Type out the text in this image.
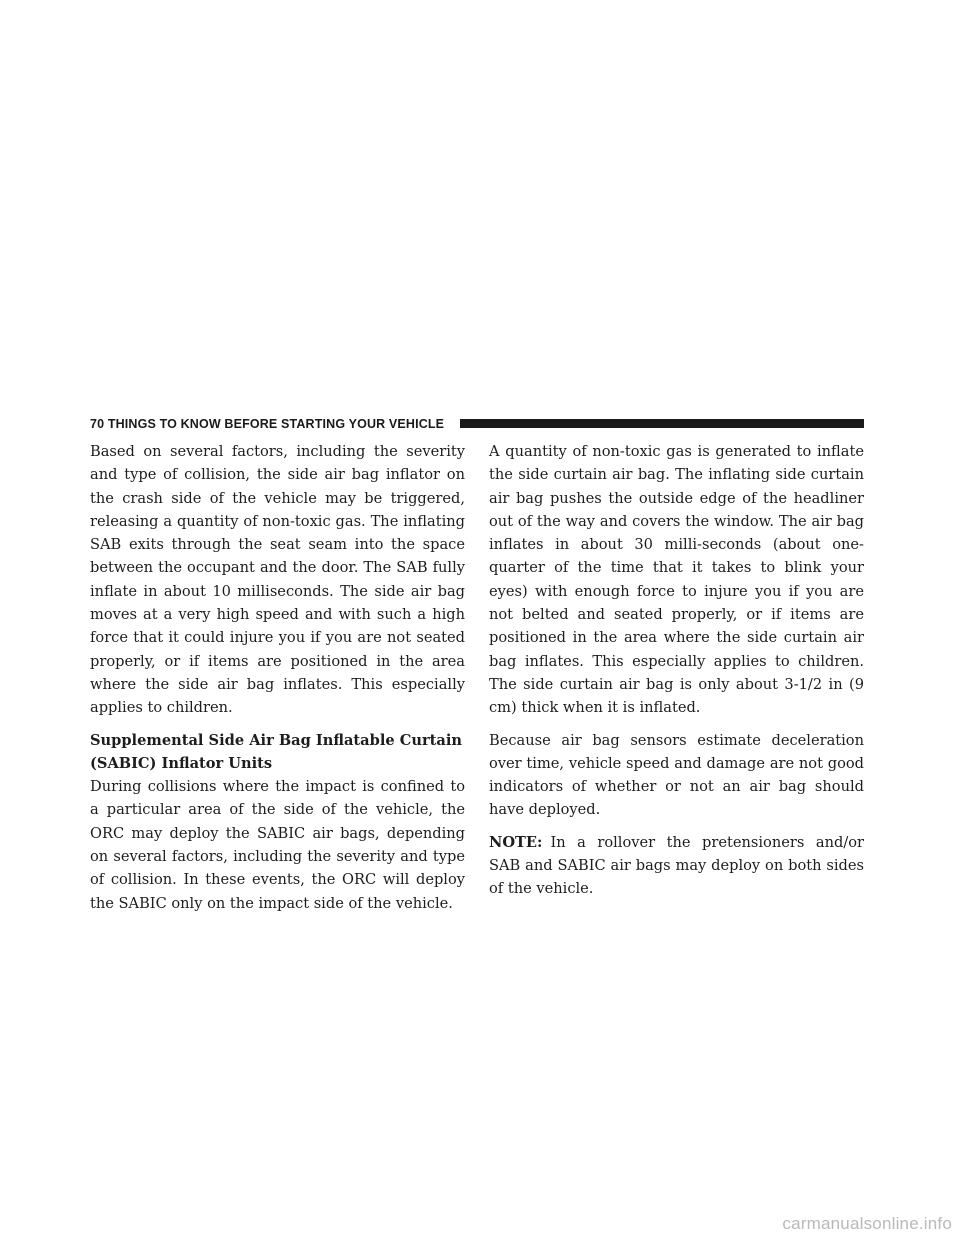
70 THINGS TO KNOW BEFORE STARTING YOUR VEHICLE

Based on several factors, including the severity and type of collision, the side air bag inflator on the crash side of the vehicle may be triggered, releasing a quantity of non-toxic gas. The inflating SAB exits through the seat seam into the space between the occupant and the door. The SAB fully inflate in about 10 milliseconds. The side air bag moves at a very high speed and with such a high force that it could injure you if you are not seated properly, or if items are positioned in the area where the side air bag inflates. This especially applies to children.

Supplemental Side Air Bag Inflatable Curtain (SABIC) Inflator Units

During collisions where the impact is confined to a particular area of the side of the vehicle, the ORC may deploy the SABIC air bags, depending on several factors, including the severity and type of collision. In these events, the ORC will deploy the SABIC only on the impact side of the vehicle.

A quantity of non-toxic gas is generated to inflate the side curtain air bag. The inflating side curtain air bag pushes the outside edge of the headliner out of the way and covers the window. The air bag inflates in about 30 milli-seconds (about one-quarter of the time that it takes to blink your eyes) with enough force to injure you if you are not belted and seated properly, or if items are positioned in the area where the side curtain air bag inflates. This especially applies to children. The side curtain air bag is only about 3-1/2 in (9 cm) thick when it is inflated.

Because air bag sensors estimate deceleration over time, vehicle speed and damage are not good indicators of whether or not an air bag should have deployed.

NOTE: In a rollover the pretensioners and/or SAB and SABIC air bags may deploy on both sides of the vehicle.

carmanualsonline.info
